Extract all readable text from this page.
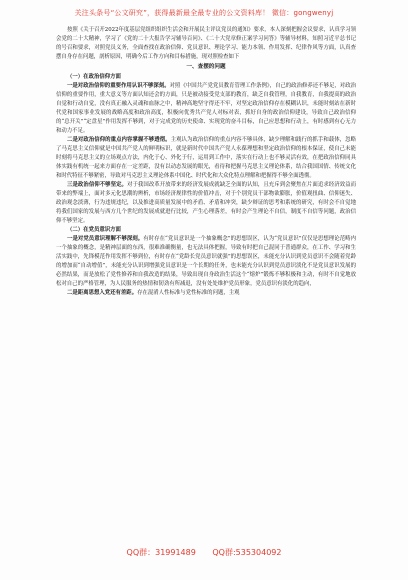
关注头条号“公文研究”，获得最新最全最专业的公文资料库！ 微信：gongwenyj

按照《关于召开2022年度基层党组织组织生活会和开展民主评议党员的通知》要求，本人深刻把握会议要求，认真学习领会党的二十大精神，学习了《党的二十大报告学习辅导百问》、《二十大党章修正案学习问答》等辅导材料，知照习近平总书记的号召和要求，对照党员义务，全面查找在政治信仰、党员意识、理论学习、能力本领、作用发挥、纪律作风等方面，认真查摆自身存在问题，剖析原因，明确今后工作方向和目标措施，现对照检查如下

一、查摆的问题

（一）在政治信仰方面

一是对政治信仰的重要作用认识不够深刻。对照《中国共产党党员教育管理工作条例》，自己的政治修养还不够足，对政治信仰的重要作用，重大意义等方面认知还会的方面，只是被动接受党支部的教育，缺乏自我管理，自我教育，自我提高的政治自觉和行动自觉，没有真正融入灵魂和血脉之中，精神高地坚守得还不牢，对坚定政治信仰存在模糊认识，未能时刻站在新时代党和国家事业发展的战略高度和政治高度，积极向优秀共产党人对标对表，抓好自身的政治信仰建设，导致自己政治信仰的“总开关”“定盘星”作用发挥不够到，对于完成党的历史使命、实现党的奋斗目标，自己应思想和行动上，有时感到有心无力和动力不足。

二是对政治信仰的重点内容掌握不够透彻。主观认为政治信仰的重点内容不够具体，缺少理解和践行的抓手和载体，忽略了马克思主义信仰就是中国共产党人的鲜明标识，就是新时代中国共产党人永葆理想和坚定政治信仰的根本保证，使自己未能时刻将马克思主义的立场观点方法，内化于心、外化于行，运用到工作中，落实在行动上也不够灵活有效，在把政治信仰同具体实践有机统一起来方面存在一定差距，没有以动态发展的眼光，看待和把握马克思主义理论体系，结合我国国情、传统文化和时代特征不够紧密，导致对马克思主义理论体系中国化、时代化和大众化特点理解和把握得不够全面透彻。

三是政治信仰不够坚定。对于我国改革开放带来的经济发展成就缺乏全面的认知，且充斥到会聚焦在片面追求经济效益而带来的弊端上，面对多元化思潮的辨析，市场经济规律性的价值冲击，对于个别党员干部物欲膨胀，价值观扭曲、信仰迷失、政治观念淡薄，行为违规违纪，以及推进高质量发展中的矛盾、矛盾和冲突，缺少辩证的思考和系统的研究，有时会不自觉地将我们国家的发展与西方几个世纪的发展成就进行比较，产生心理落差，有时会产生理论不自信，制度不自信等问题，政治信仰不够坚定。

（二）在党员意识方面

一是对党员意识理解不够深刻。有时存在“党员意识是一个抽象概念”的思想误区，认为“党员意识”仅仅是思想理论范畴内一个抽象的概念，是精神层面的东西，很难准确衡量，也无法具体把握，导致有时把自己混同于普通群众，在工作、学习和生活实践中，先锋模范作用发挥不够到位，有时存在“党龄长党员意识就强”的思想误区，未能充分认识到党员意识不会随着党龄的增加而“自动增值”，未能充分认识到增强党员意识是一个长期的任务，也未能充分认识到党员意识淡化不是党员意识发展的必然结果，而是放松了党性修养和自我改造的结果，导致出现自身政治生活这个“熔炉”锻炼不够积极和主动，有时不自觉地放松对自己的严格管理，为人民服务的热情和韧劲有所减退，没有处处维护党员形象，党员意识有淡化的趋向，

二是距离思想入党还有差距。存在混淆人性标准与党性标准的问题，主观

QQ群：31991489 QQ群:535304092
